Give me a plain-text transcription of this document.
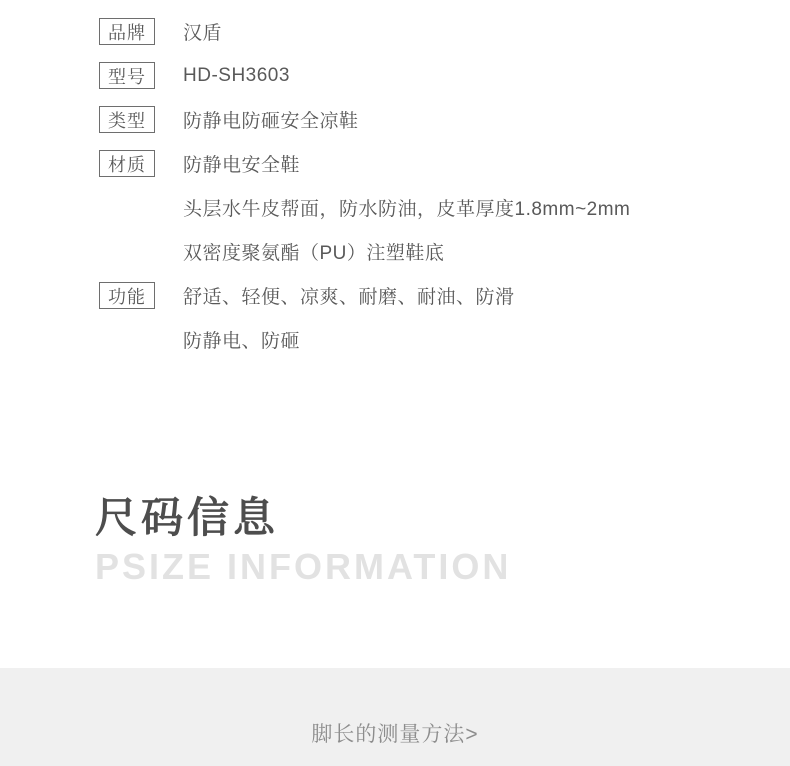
品牌	汉盾
型号	HD-SH3603
类型	防静电防砸安全凉鞋
材质	防静电安全鞋
头层水牛皮帮面，防水防油，皮革厚度1.8mm~2mm
双密度聚氨酯（PU）注塑鞋底
功能	舒适、轻便、凉爽、耐磨、耐油、防滑
防静电、防砸
尺码信息
PSIZE INFORMATION
脚长的测量方法>
